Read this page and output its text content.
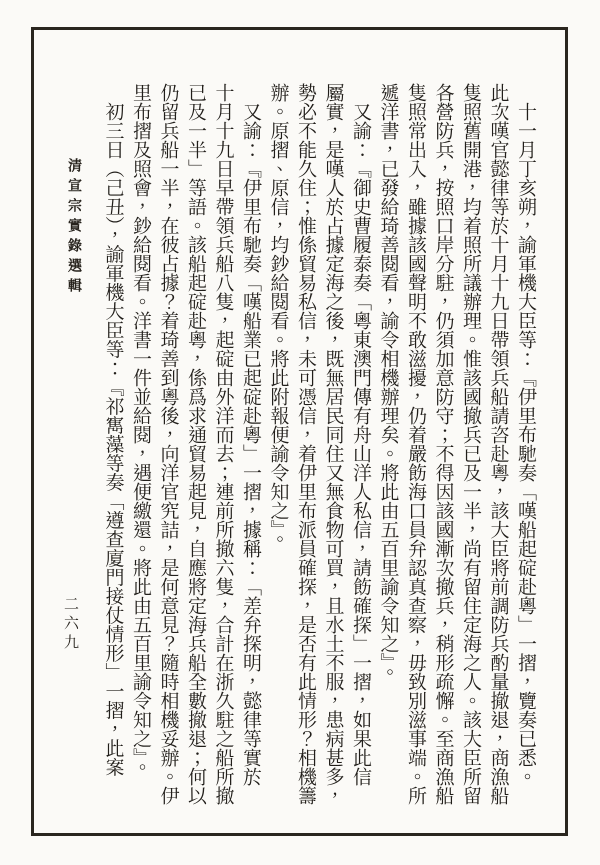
十一月丁亥朔，諭軍機大臣等：『伊里布馳奏「嘆船起碇赴粵」一摺，覽奏已悉。
此次嘆官懿律等於十月十九日帶領兵船請咨赴粵，該大臣將前調防兵酌量撤退，商漁船
隻照舊開港，均着照所議辦理。惟該國撤兵已及一半，尚有留住定海之人。該大臣所留
各營防兵，按照口岸分駐，仍須加意防守；不得因該國漸次撤兵，稍形疏懈。至商漁船
隻照常出入，雖據該國聲明不敢滋擾，仍着嚴飭海口員弁認真查察，毋致別滋事端。所
遞洋書，已發給琦善閱看，諭令相機辦理矣。將此由五百里諭令知之』。
又諭：『御史曹履泰奏「粵東澳門傳有舟山洋人私信，請飭確探」一摺，如果此信
屬實，是嘆人於占據定海之後，既無居民同住又無食物可買，且水土不服，患病甚多，
勢必不能久住；惟係貿易私信，未可憑信，着伊里布派員確探，是否有此情形？相機籌
辦。原摺、原信，均鈔給閱看。將此附報便諭令知之』。
又諭：『伊里布馳奏「嘆船業已起碇赴粵」一摺，據稱：「差弁探明，懿律等實於
十月十九日早帶領兵船八隻，起碇由外洋而去；連前所撤六隻，合計在浙久駐之船所撤
已及一半」等語。該船起碇赴粵，係爲求通貿易起見，自應將定海兵船全數撤退；何以
仍留兵船一半，在彼占據？着琦善到粵後，向洋官究詰，是何意見？隨時相機妥辦。伊
里布摺及照會，鈔給閱看。洋書一件並給閱，遇便繳還。將此由五百里諭令知之』。
初三日（己丑），諭軍機大臣等：『祁寯藻等奏「遵查廈門接仗情形」一摺，此案
清宣宗實錄選輯
二六九
